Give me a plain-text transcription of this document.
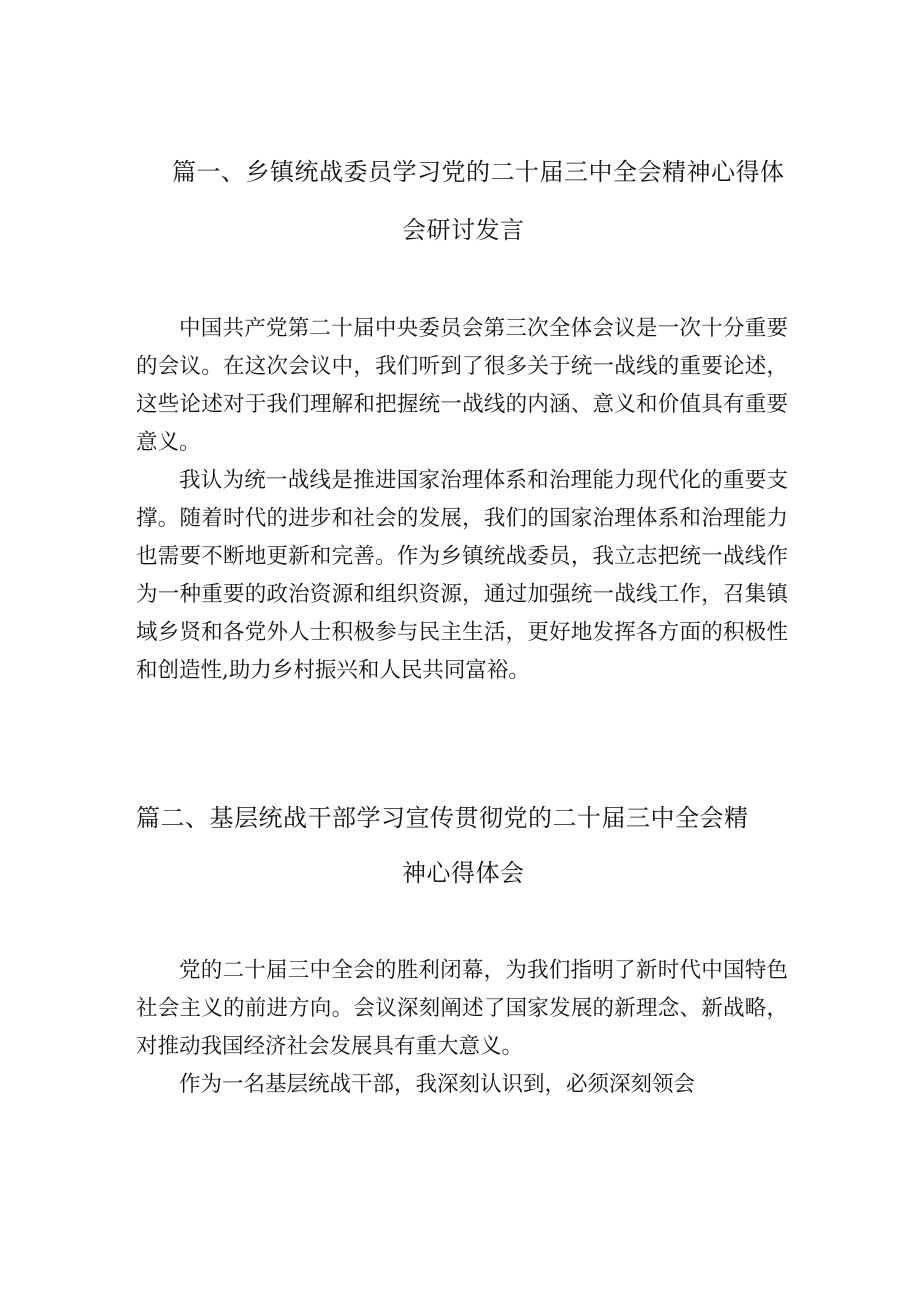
篇一、乡镇统战委员学习党的二十届三中全会精神心得体
会研讨发言

中国共产党第二十届中央委员会第三次全体会议是一次十分重要的会议。在这次会议中，我们听到了很多关于统一战线的重要论述，这些论述对于我们理解和把握统一战线的内涵、意义和价值具有重要意义。

我认为统一战线是推进国家治理体系和治理能力现代化的重要支撑。随着时代的进步和社会的发展，我们的国家治理体系和治理能力也需要不断地更新和完善。作为乡镇统战委员，我立志把统一战线作为一种重要的政治资源和组织资源，通过加强统一战线工作，召集镇域乡贤和各党外人士积极参与民主生活，更好地发挥各方面的积极性和创造性,助力乡村振兴和人民共同富裕。

篇二、基层统战干部学习宣传贯彻党的二十届三中全会精
神心得体会

党的二十届三中全会的胜利闭幕，为我们指明了新时代中国特色社会主义的前进方向。会议深刻阐述了国家发展的新理念、新战略，对推动我国经济社会发展具有重大意义。

作为一名基层统战干部，我深刻认识到，必须深刻领会
